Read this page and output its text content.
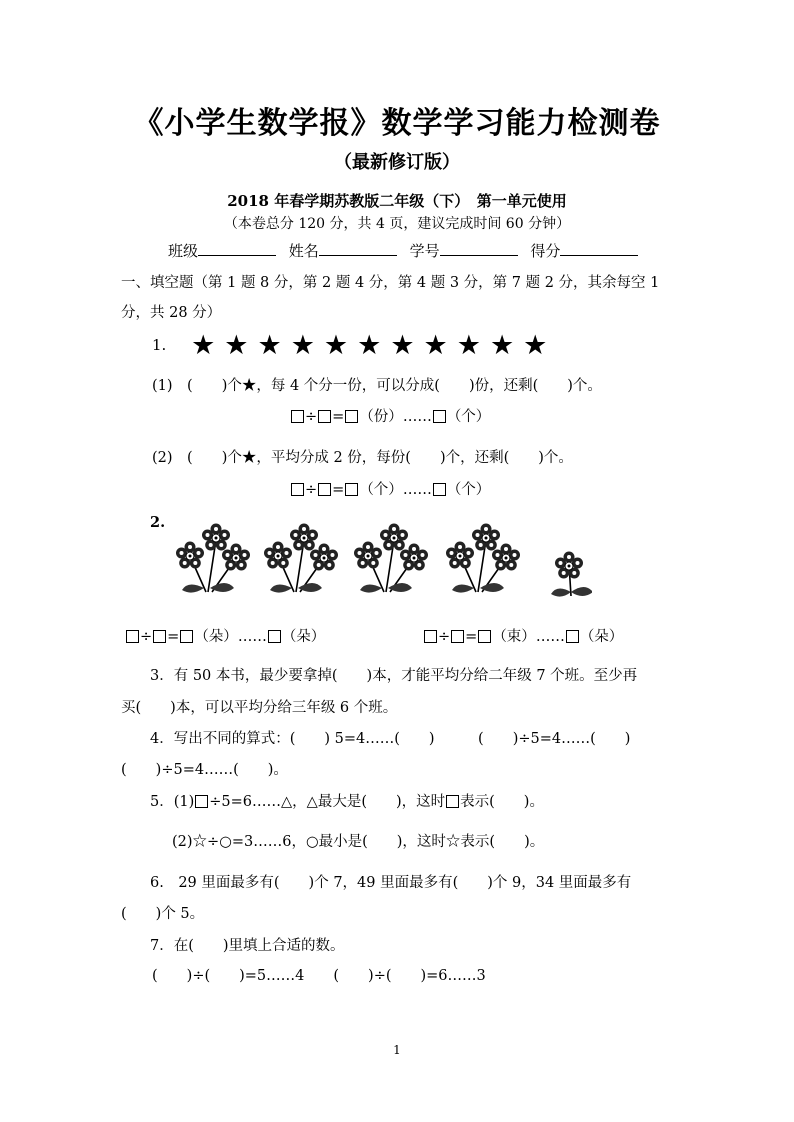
《小学生数学报》数学学习能力检测卷
（最新修订版）
2018 年春学期苏教版二年级（下）　第一单元使用
（本卷总分 120 分，共 4 页，建议完成时间 60 分钟）
班级	姓名	学号	得分
一、填空题（第 1 题 8 分，第 2 题 4 分，第 4 题 3 分，第 7 题 2 分，其余每空 1
分，共 28 分）
1. ★★★★★★★★★★★
(1)　(　　)个★，每 4 个分一份，可以分成(　　)份，还剩(　　)个。
÷ = （份）…… （个）
(2)　(　　)个★，平均分成 2 份，每份(　　)个，还剩(　　)个。
÷ = （个）…… （个）
2.
÷ = （朵）…… （朵）	÷ = （束）…… （朵）
3．有 50 本书，最少要拿掉(　　)本，才能平均分给二年级 7 个班。至少再
买(　　)本，可以平均分给三年级 6 个班。
4．写出不同的算式：(　　) 5=4……(　　)　　　(　　)÷5=4……(　　)
(　　)÷5=4……(　　)。
5．(1) ÷5=6……△，△最大是(　　)，这时 表示(　　)。
(2)☆÷○=3……6，○最小是(　　)，这时☆表示(　　)。
6.　29 里面最多有(　　)个 7，49 里面最多有(　　)个 9，34 里面最多有
(　　)个 5。
7．在(　　)里填上合适的数。
(　　)÷(　　)=5……4　　(　　)÷(　　)=6……3
1
